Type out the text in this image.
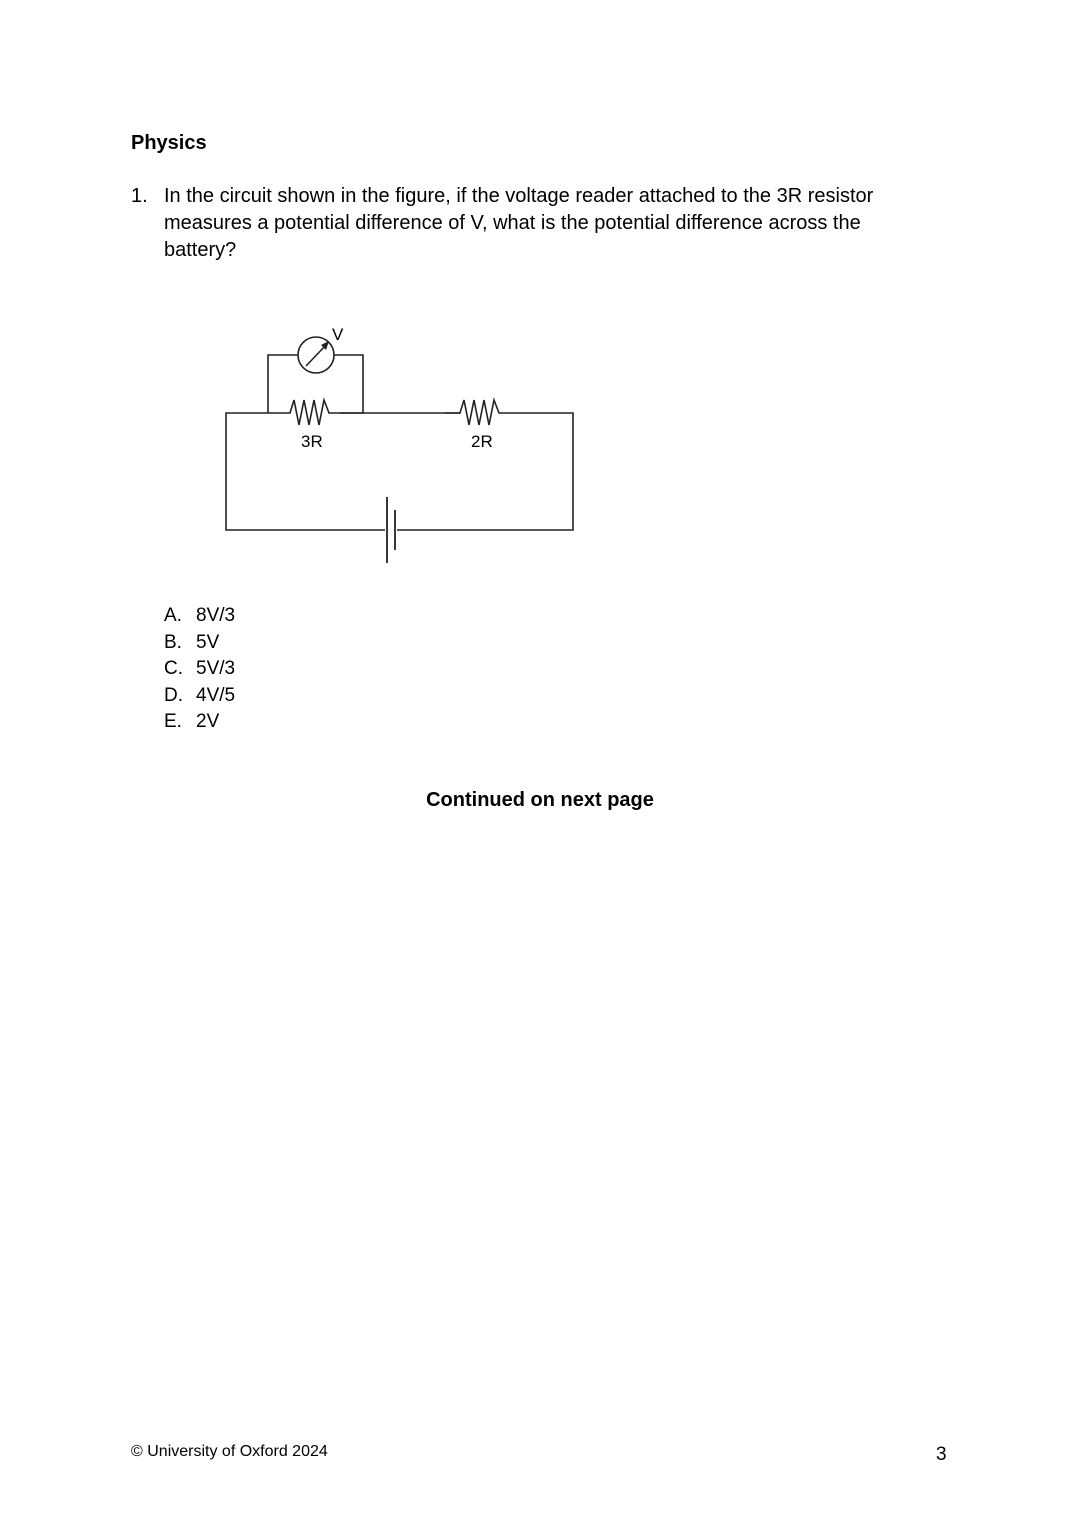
Physics
1. In the circuit shown in the figure, if the voltage reader attached to the 3R resistor measures a potential difference of V, what is the potential difference across the battery?
V
3R	2R
A. 8V/3
B. 5V
C. 5V/3
D. 4V/5
E. 2V
Continued on next page
© University of Oxford 2024	3
